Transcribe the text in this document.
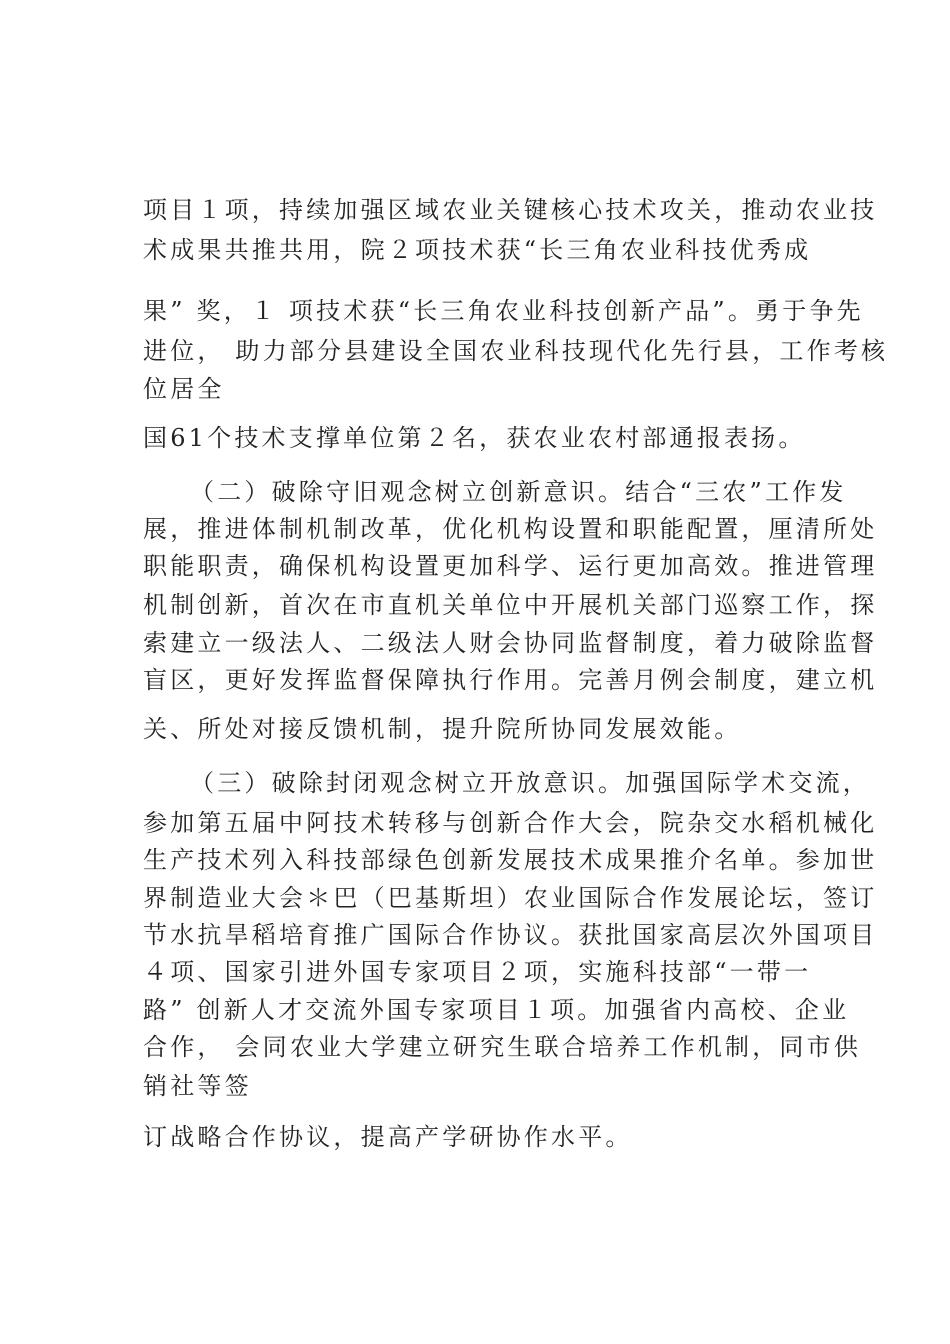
项目１项，持续加强区域农业关键核心技术攻关，推动农业技
术成果共推共用，院２项技术获“长三角农业科技优秀成
果” 奖，１ 项技术获“长三角农业科技创新产品”。勇于争先
进位， 助力部分县建设全国农业科技现代化先行县，工作考核
位居全
国61个技术支撑单位第２名，获农业农村部通报表扬。
（二）破除守旧观念树立创新意识。结合“三农”工作发
展，推进体制机制改革，优化机构设置和职能配置，厘清所处
职能职责，确保机构设置更加科学、运行更加高效。推进管理
机制创新，首次在市直机关单位中开展机关部门巡察工作，探
索建立一级法人、二级法人财会协同监督制度，着力破除监督
盲区，更好发挥监督保障执行作用。完善月例会制度，建立机
关、所处对接反馈机制，提升院所协同发展效能。
（三）破除封闭观念树立开放意识。加强国际学术交流，
参加第五届中阿技术转移与创新合作大会，院杂交水稻机械化
生产技术列入科技部绿色创新发展技术成果推介名单。参加世
界制造业大会＊巴（巴基斯坦）农业国际合作发展论坛，签订
节水抗旱稻培育推广国际合作协议。获批国家高层次外国项目
４项、国家引进外国专家项目２项，实施科技部“一带一
路” 创新人才交流外国专家项目１项。加强省内高校、企业
合作， 会同农业大学建立研究生联合培养工作机制，同市供
销社等签
订战略合作协议，提高产学研协作水平。
